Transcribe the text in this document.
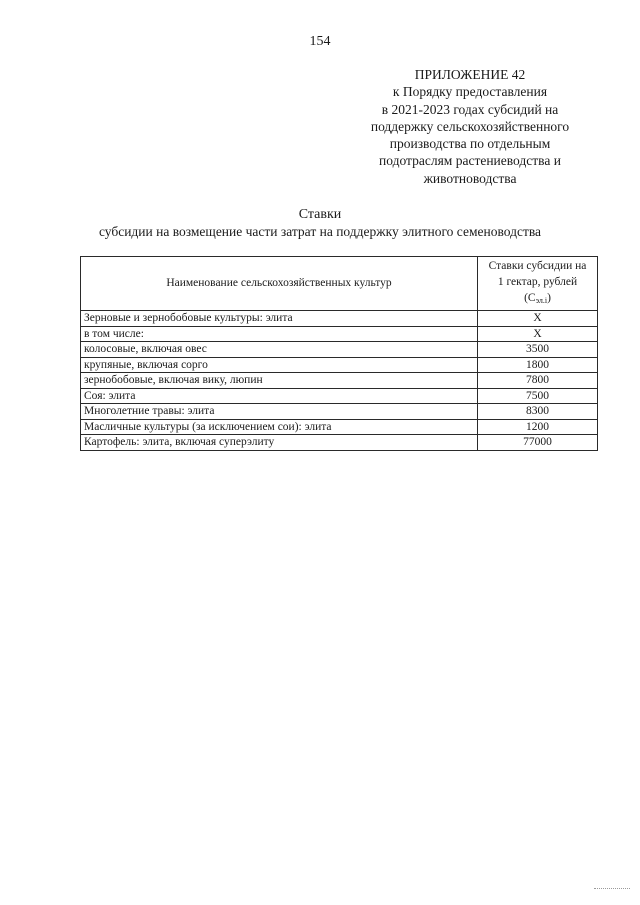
154
ПРИЛОЖЕНИЕ 42
к Порядку предоставления
в 2021-2023 годах субсидий на
поддержку сельскохозяйственного
производства по отдельным
подотраслям растениеводства и
животноводства
Ставки
субсидии на возмещение части затрат на поддержку элитного семеноводства
Наименование сельскохозяйственных культур	Ставки субсидии на
1 гектар, рублей
$(С_{эл.i})$
Зерновые и зернобобовые культуры: элита	X
в том числе:	X
колосовые, включая овес	3500
крупяные, включая сорго	1800
зернобобовые, включая вику, люпин	7800
Соя: элита	7500
Многолетние травы: элита	8300
Масличные культуры (за исключением сои): элита	1200
Картофель: элита, включая суперэлиту	77000
